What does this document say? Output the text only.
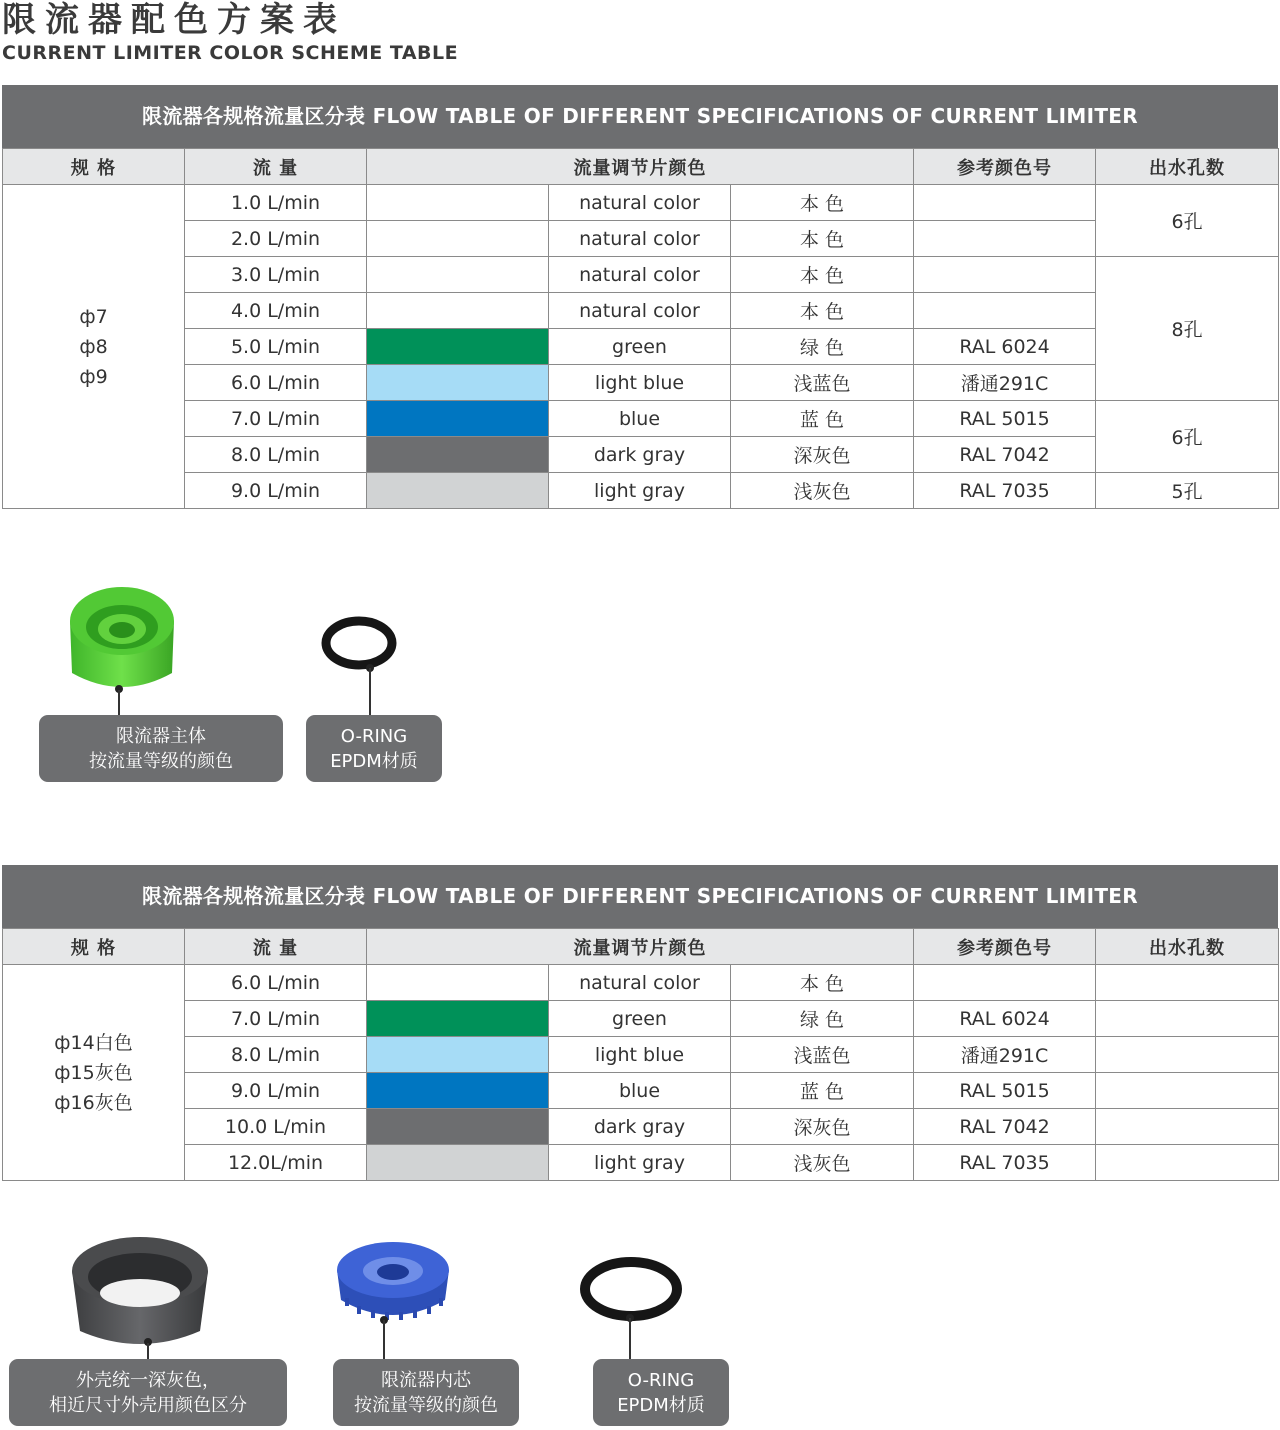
限流器配色方案表
CURRENT LIMITER COLOR SCHEME TABLE
限流器各规格流量区分表 FLOW TABLE OF DIFFERENT SPECIFICATIONS OF CURRENT LIMITER
规 格	流 量	流量调节片颜色			参考颜色号	出水孔数

ф7
ф8
ф9	1.0 L/min		natural color	本 色		6孔
	2.0 L/min		natural color	本 色		
	3.0 L/min		natural color	本 色		8孔
	4.0 L/min		natural color	本 色		
	5.0 L/min		green	绿 色	RAL 6024	
	6.0 L/min		light blue	浅蓝色	潘通291C	
	7.0 L/min		blue	蓝 色	RAL 5015	6孔
	8.0 L/min		dark gray	深灰色	RAL 7042	
	9.0 L/min		light gray	浅灰色	RAL 7035	5孔
限流器主体
按流量等级的颜色
O-RING
EPDM材质
限流器各规格流量区分表 FLOW TABLE OF DIFFERENT SPECIFICATIONS OF CURRENT LIMITER
规 格	流 量	流量调节片颜色			参考颜色号	出水孔数

ф14白色
ф15灰色
ф16灰色	6.0 L/min		natural color	本 色		
	7.0 L/min		green	绿 色	RAL 6024	
	8.0 L/min		light blue	浅蓝色	潘通291C	
	9.0 L/min		blue	蓝 色	RAL 5015	
	10.0 L/min		dark gray	深灰色	RAL 7042	
	12.0L/min		light gray	浅灰色	RAL 7035	
外壳统一深灰色，
相近尺寸外壳用颜色区分
限流器内芯
按流量等级的颜色
O-RING
EPDM材质
